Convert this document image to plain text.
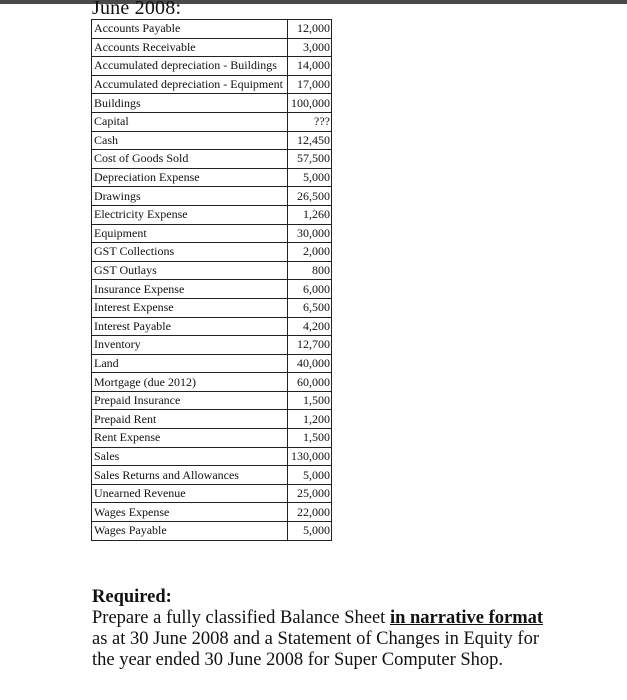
June 2008:
Accounts Payable	12,000
Accounts Receivable	3,000
Accumulated depreciation - Buildings	14,000
Accumulated depreciation - Equipment	17,000
Buildings	100,000
Capital	???
Cash	12,450
Cost of Goods Sold	57,500
Depreciation Expense	5,000
Drawings	26,500
Electricity Expense	1,260
Equipment	30,000
GST Collections	2,000
GST Outlays	800
Insurance Expense	6,000
Interest Expense	6,500
Interest Payable	4,200
Inventory	12,700
Land	40,000
Mortgage (due 2012)	60,000
Prepaid Insurance	1,500
Prepaid Rent	1,200
Rent Expense	1,500
Sales	130,000
Sales Returns and Allowances	5,000
Unearned Revenue	25,000
Wages Expense	22,000
Wages Payable	5,000
Required:
Prepare a fully classified Balance Sheet in narrative format as at 30 June 2008 and a Statement of Changes in Equity for the year ended 30 June 2008 for Super Computer Shop.
